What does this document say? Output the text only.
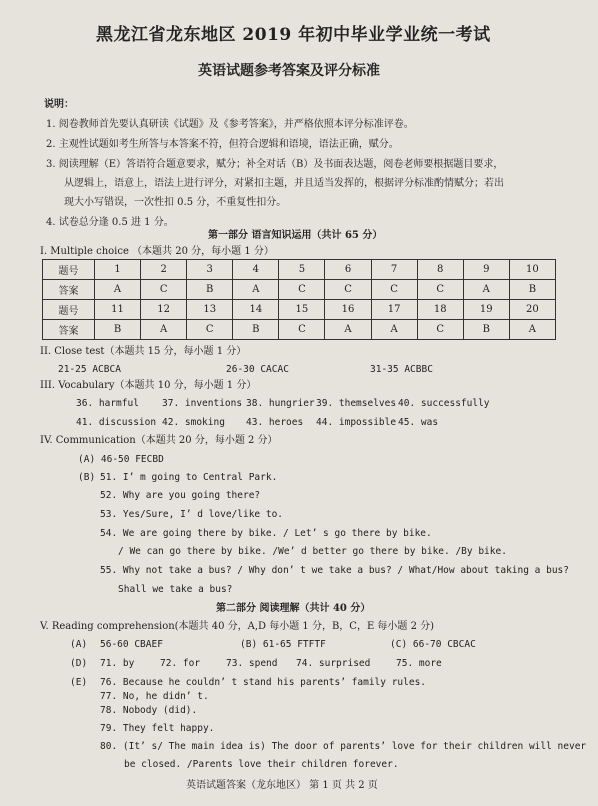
黑龙江省龙东地区 2019 年初中毕业学业统一考试
英语试题参考答案及评分标准
说明：
1. 阅卷教师首先要认真研读《试题》及《参考答案》，并严格依照本评分标准评卷。
2. 主观性试题如考生所答与本答案不符，但符合逻辑和语境，语法正确，赋分。
3. 阅读理解（E）答语符合题意要求，赋分；补全对话（B）及书面表达题，阅卷老师要根据题目要求，
从逻辑上，语意上，语法上进行评分，对紧扣主题，并且适当发挥的，根据评分标准酌情赋分；若出
现大小写错误，一次性扣 0.5 分，不重复性扣分。
4. 试卷总分逢 0.5 进 1 分。
第一部分 语言知识运用（共计 65 分）
I. Multiple choice （本题共 20 分，每小题 1 分）
题号	1	2	3	4	5	6	7	8	9	10
答案	A	C	B	A	C	C	C	C	A	B
题号	11	12	13	14	15	16	17	18	19	20
答案	B	A	C	B	C	A	A	C	B	A
II. Close test（本题共 15 分，每小题 1 分）
21-25 ACBCA	26-30 CACAC	31-35 ACBBC
III. Vocabulary（本题共 10 分，每小题 1 分）
36. harmful 37. inventions 38. hungrier 39. themselves 40. successfully
41. discussion 42. smoking 43. heroes 44. impossible 45. was
IV. Communication（本题共 20 分，每小题 2 分）
(A) 46-50 FECBD
(B) 51. I’ m going to Central Park.
52. Why are you going there?
53. Yes/Sure, I’ d love/like to.
54. We are going there by bike. / Let’ s go there by bike.
/ We can go there by bike. /We’ d better go there by bike. /By bike.
55. Why not take a bus? / Why don’ t we take a bus? / What/How about taking a bus?
Shall we take a bus?
第二部分 阅读理解（共计 40 分）
V. Reading comprehension(本题共 40 分，A,D 每小题 1 分，B，C，E 每小题 2 分)
(A) 56-60 CBAEF	(B) 61-65 FTFTF	(C) 66-70 CBCAC
(D) 71. by	72. for	73. spend 74. surprised	75. more
(E) 76. Because he couldn’ t stand his parents’ family rules.
77. No, he didn’ t.
78. Nobody (did).
79. They felt happy.
80. (It’ s/ The main idea is) The door of parents’ love for their children will never
be closed. /Parents love their children forever.
英语试题答案（龙东地区） 第 1 页 共 2 页
